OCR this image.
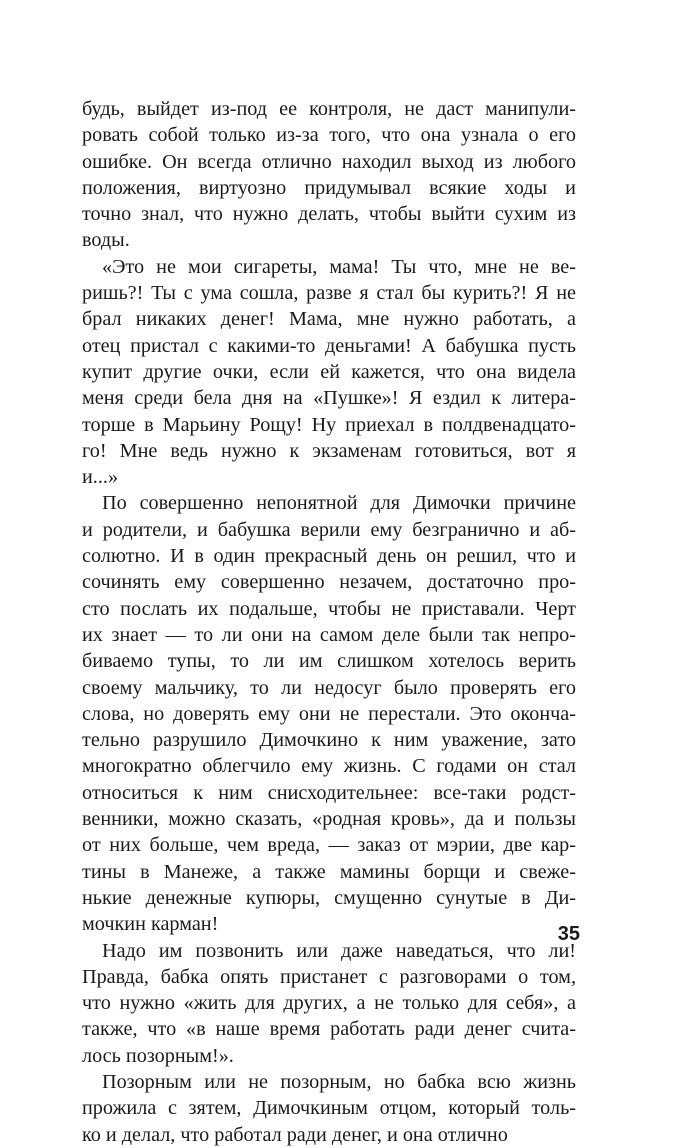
будь, выйдет из-под ее контроля, не даст манипули-
ровать собой только из-за того, что она узнала о его
ошибке. Он всегда отлично находил выход из любого
положения, виртуозно придумывал всякие ходы и
точно знал, что нужно делать, чтобы выйти сухим из
воды.
«Это не мои сигареты, мама! Ты что, мне не ве-
ришь?! Ты с ума сошла, разве я стал бы курить?! Я не
брал никаких денег! Мама, мне нужно работать, а
отец пристал с какими-то деньгами! А бабушка пусть
купит другие очки, если ей кажется, что она видела
меня среди бела дня на «Пушке»! Я ездил к литера-
торше в Марьину Рощу! Ну приехал в полдвенадцато-
го! Мне ведь нужно к экзаменам готовиться, вот я
и...»
По совершенно непонятной для Димочки причине
и родители, и бабушка верили ему безгранично и аб-
солютно. И в один прекрасный день он решил, что и
сочинять ему совершенно незачем, достаточно про-
сто послать их подальше, чтобы не приставали. Черт
их знает — то ли они на самом деле были так непро-
биваемо тупы, то ли им слишком хотелось верить
своему мальчику, то ли недосуг было проверять его
слова, но доверять ему они не перестали. Это оконча-
тельно разрушило Димочкино к ним уважение, зато
многократно облегчило ему жизнь. С годами он стал
относиться к ним снисходительнее: все-таки родст-
венники, можно сказать, «родная кровь», да и пользы
от них больше, чем вреда, — заказ от мэрии, две кар-
тины в Манеже, а также мамины борщи и свеже-
нькие денежные купюры, смущенно сунутые в Ди-
мочкин карман!
Надо им позвонить или даже наведаться, что ли!
Правда, бабка опять пристанет с разговорами о том,
что нужно «жить для других, а не только для себя», а
также, что «в наше время работать ради денег счита-
лось позорным!».
Позорным или не позорным, но бабка всю жизнь
прожила с зятем, Димочкиным отцом, который толь-
ко и делал, что работал ради денег, и она отлично
35
